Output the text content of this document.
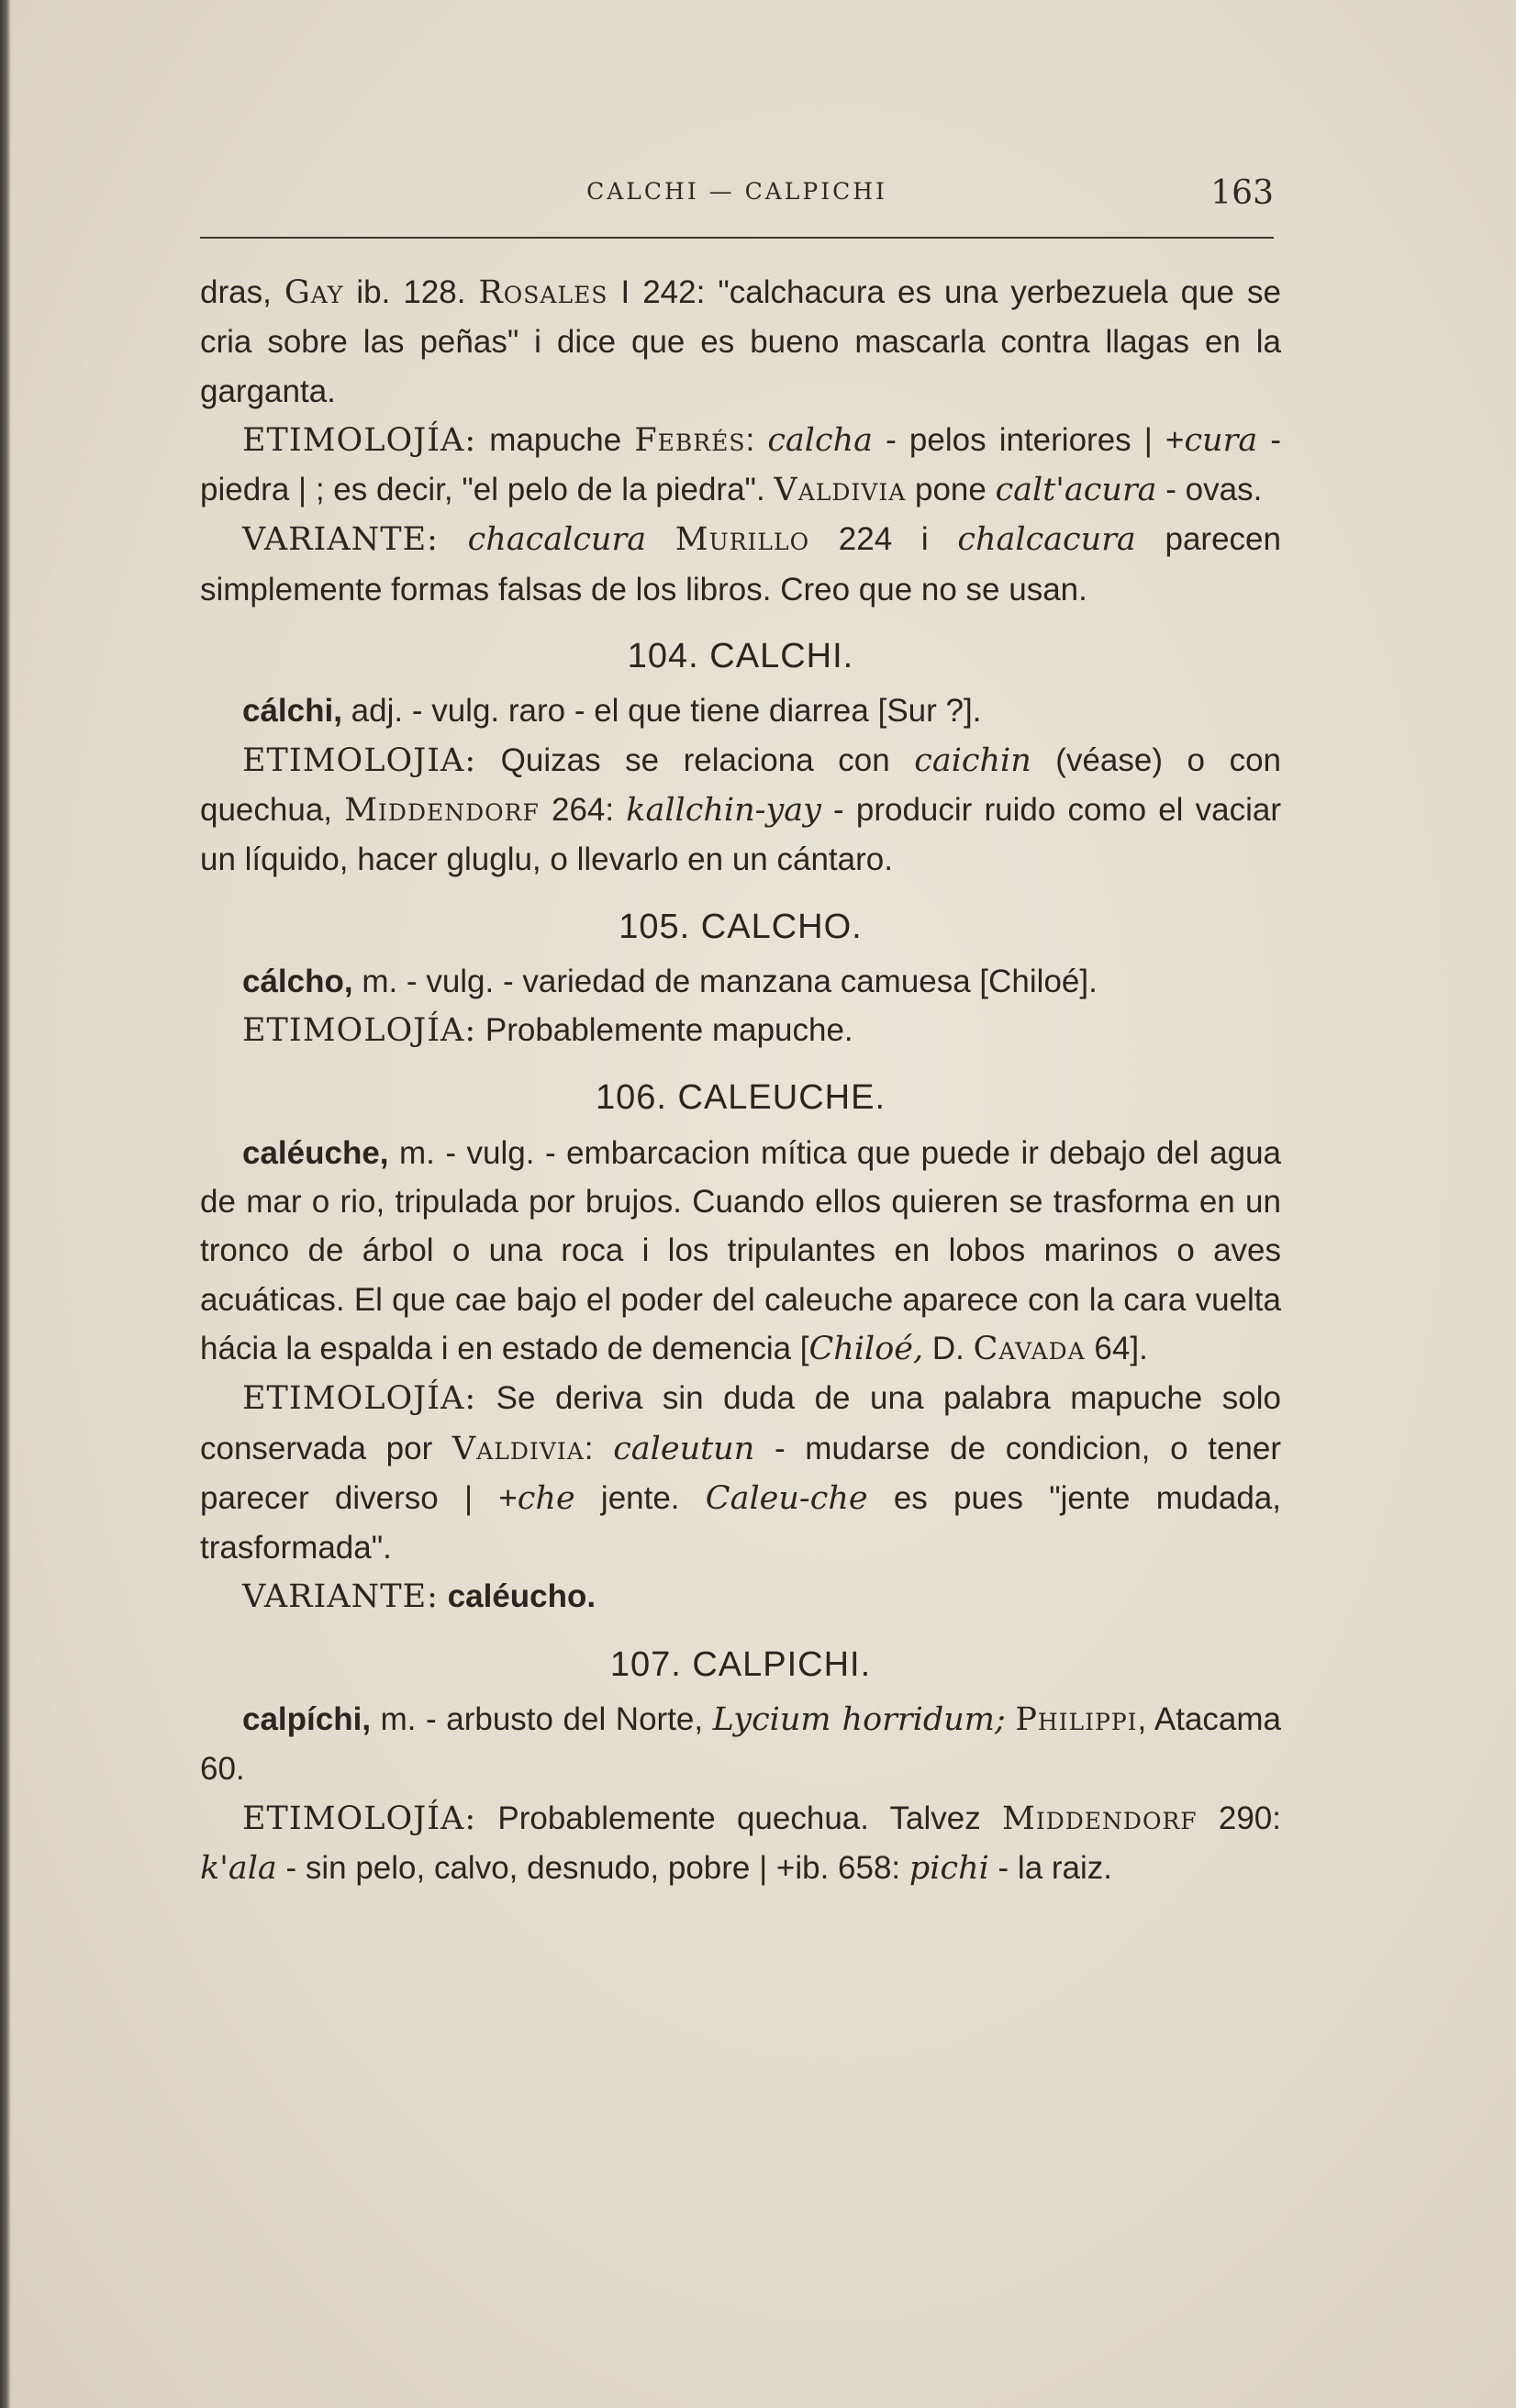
CALCHI — CALPICHI	163

dras, Gay ib. 128. Rosales I 242: "calchacura es una yerbezuela que se cria sobre las peñas" i dice que es bueno mascarla contra llagas en la garganta.

ETIMOLOJÍA: mapuche Febrés: calcha - pelos interiores | +cura - piedra | ; es decir, "el pelo de la piedra". Valdivia pone calt'acura - ovas.

VARIANTE: chacalcura Murillo 224 i chalcacura parecen simplemente formas falsas de los libros. Creo que no se usan.

104. CALCHI.

cálchi, adj. - vulg. raro - el que tiene diarrea [Sur ?].

ETIMOLOJIA: Quizas se relaciona con caichin (véase) o con quechua, Middendorf 264: kallchin-yay - producir ruido como el vaciar un líquido, hacer gluglu, o llevarlo en un cántaro.

105. CALCHO.

cálcho, m. - vulg. - variedad de manzana camuesa [Chiloé].

ETIMOLOJÍA: Probablemente mapuche.

106. CALEUCHE.

caléuche, m. - vulg. - embarcacion mítica que puede ir debajo del agua de mar o rio, tripulada por brujos. Cuando ellos quieren se trasforma en un tronco de árbol o una roca i los tripulantes en lobos marinos o aves acuáticas. El que cae bajo el poder del caleuche aparece con la cara vuelta hácia la espalda i en estado de demencia [Chiloé, D. Cavada 64].

ETIMOLOJÍA: Se deriva sin duda de una palabra mapuche solo conservada por Valdivia: caleutun - mudarse de condicion, o tener parecer diverso | +che jente. Caleu-che es pues "jente mudada, trasformada".

VARIANTE: caléucho.

107. CALPICHI.

calpíchi, m. - arbusto del Norte, Lycium horridum; Philippi, Atacama 60.

ETIMOLOJÍA: Probablemente quechua. Talvez Middendorf 290: k'ala - sin pelo, calvo, desnudo, pobre | +ib. 658: pichi - la raiz.
